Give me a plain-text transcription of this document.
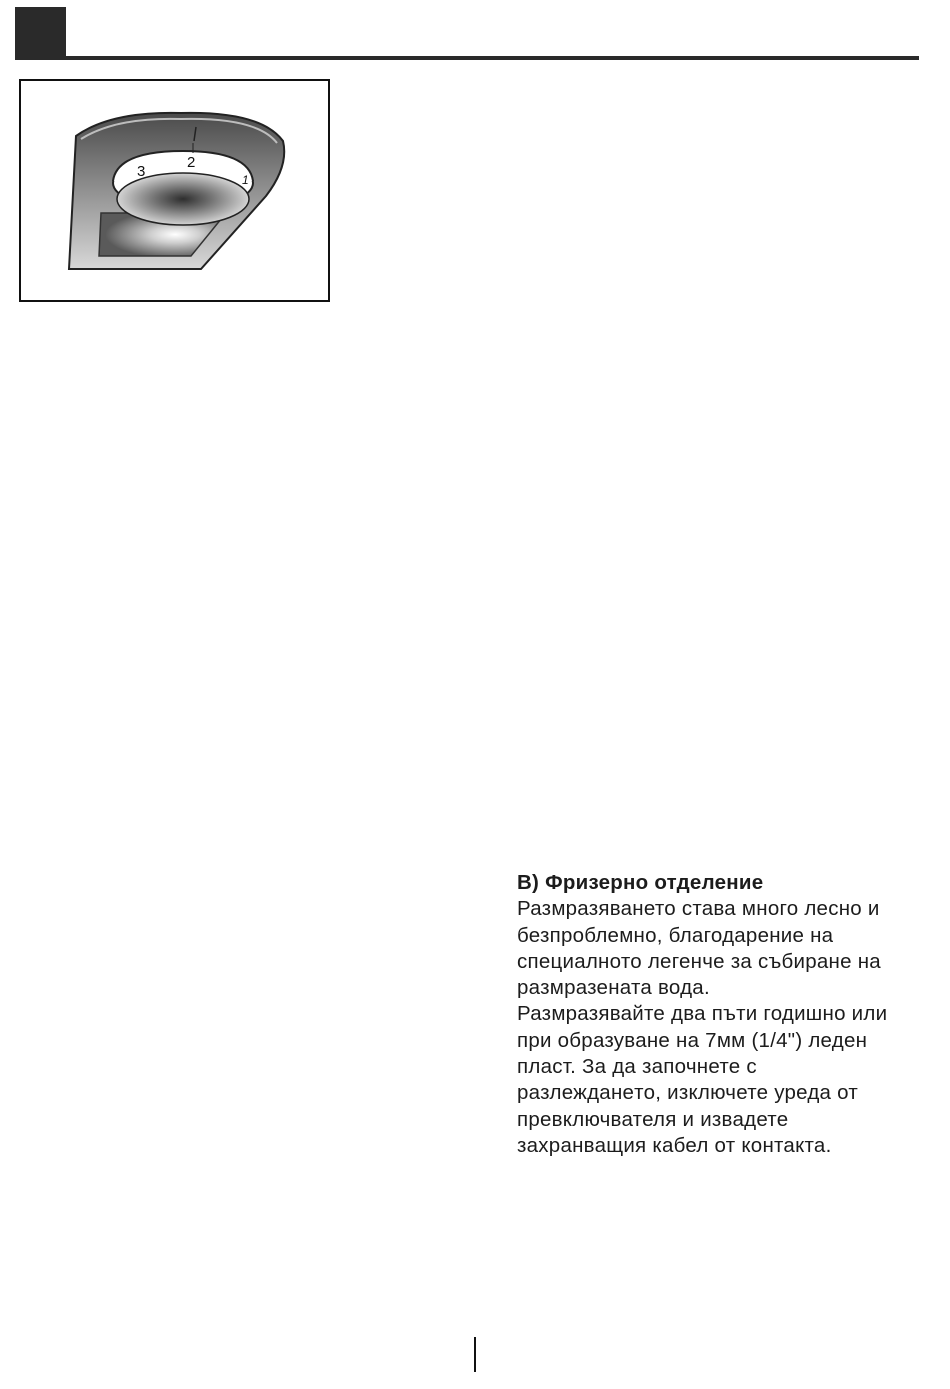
3
2
1

B) Фризерно отделение

Размразяването става много лесно и

безпроблемно, благодарение на

специалното легенче за събиране на

размразената вода.

Размразявайте два пъти годишно или

при образуване на 7мм (1/4") леден

пласт. За да започнете с

разлежданeто, изключете уреда от

превключвателя и извадете

захранващия кабел от контакта.
